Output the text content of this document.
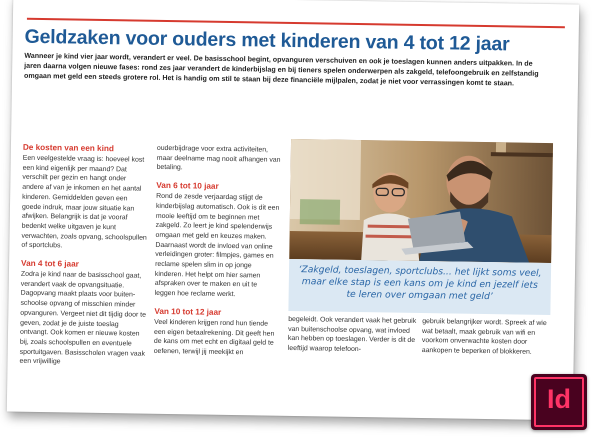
Geldzaken voor ouders met kinderen van 4 tot 12 jaar

Wanneer je kind vier jaar wordt, verandert er veel. De basisschool begint, opvanguren verschuiven en ook je toeslagen kunnen anders uitpakken. In de jaren daarna volgen nieuwe fases: rond zes jaar verandert de kinderbijslag en bij tieners spelen onderwerpen als zakgeld, telefoongebruik en zelfstandig omgaan met geld een steeds grotere rol. Het is handig om stil te staan bij deze financiële mijlpalen, zodat je niet voor verrassingen komt te staan.

De kosten van een kind

Een veelgestelde vraag is: hoeveel kost een kind eigenlijk per maand? Dat verschilt per gezin en hangt onder andere af van je inkomen en het aantal kinderen. Gemiddelden geven een goede indruk, maar jouw situatie kan afwijken. Belangrijk is dat je vooraf bedenkt welke uitgaven je kunt verwachten, zoals opvang, schoolspullen of sportclubs.

Van 4 tot 6 jaar

Zodra je kind naar de basisschool gaat, verandert vaak de opvangsituatie. Dagopvang maakt plaats voor buitenschoolse opvang of misschien minder opvanguren. Vergeet niet dit tijdig door te geven, zodat je de juiste toeslag ontvangt. Ook komen er nieuwe kosten bij, zoals schoolspullen en eventuele sportuitgaven. Basisscholen vragen vaak een vrijwillige

ouderbijdrage voor extra activiteiten, maar deelname mag nooit afhangen van betaling.

Van 6 tot 10 jaar

Rond de zesde verjaardag stijgt de kinderbijslag automatisch. Ook is dit een mooie leeftijd om te beginnen met zakgeld. Zo leert je kind spelenderwijs omgaan met geld en keuzes maken. Daarnaast wordt de invloed van online verleidingen groter: filmpjes, games en reclame spelen slim in op jonge kinderen. Het helpt om hier samen afspraken over te maken en uit te leggen hoe reclame werkt.

Van 10 tot 12 jaar

Veel kinderen krijgen rond hun tiende een eigen betaalrekening. Dit geeft hen de kans om met echt en digitaal geld te oefenen, terwijl jij meekijkt en

‘Zakgeld, toeslagen, sportclubs... het lijkt soms veel, maar elke stap is een kans om je kind en jezelf iets te leren over omgaan met geld’

begeleidt. Ook verandert vaak het gebruik van buitenschoolse opvang, wat invloed kan hebben op toeslagen. Verder is dit de leeftijd waarop telefoon-

gebruik belangrijker wordt. Spreek af wie wat betaalt, maak gebruik van wifi en voorkom onverwachte kosten door aankopen te beperken of blokkeren.

Id
